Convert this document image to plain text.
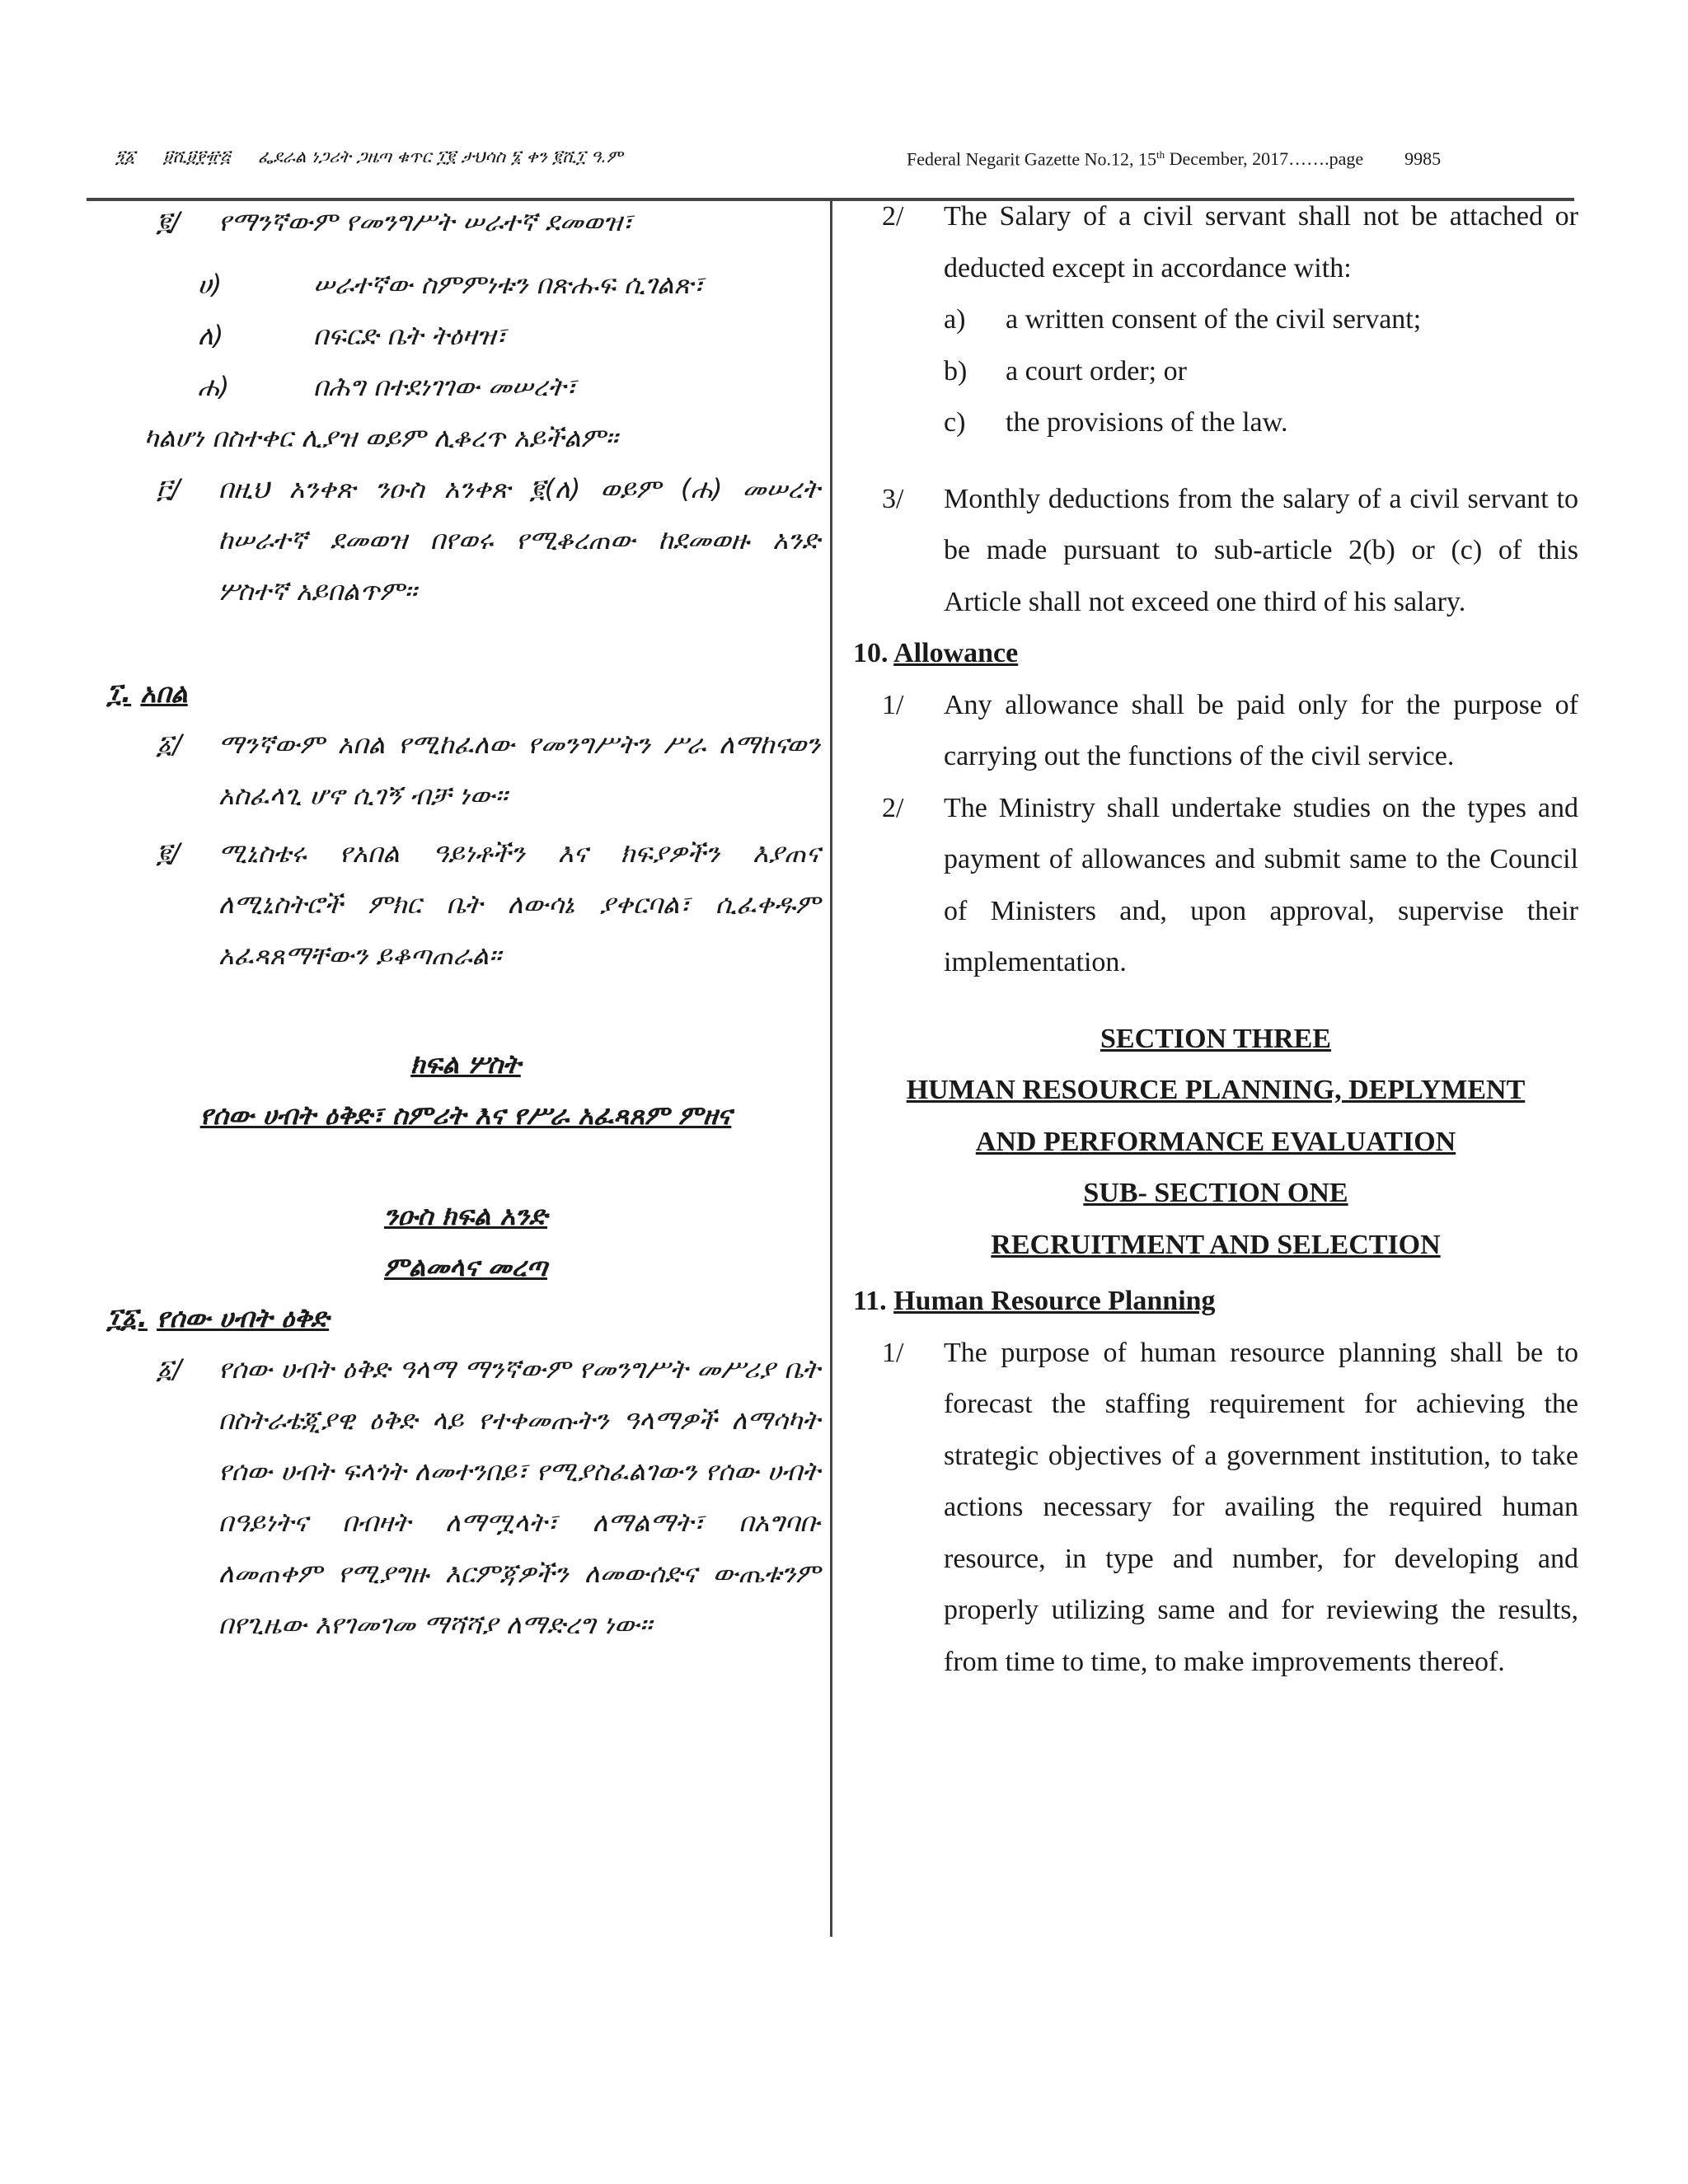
፺፩ ፱ሺ፱፻፹፭ ፌደራል ነጋሪት ጋዜጣ ቁጥር ፲፪ ታህሳስ ፮ ቀን ፪ሺ፲ ዓ.ም	Federal Negarit Gazette No.12, 15th December, 2017…….page 9985
፪/	የማንኛውም የመንግሥት ሠራተኛ ደመወዝ፣
ሀ)	ሠራተኛው ስምምነቱን በጽሑፍ ሲገልጽ፣
ለ)	በፍርድ ቤት ትዕዛዝ፣
ሐ)	በሕግ በተደነገገው መሠረት፣
ካልሆነ በስተቀር ሊያዝ ወይም ሊቆረጥ አይችልም፡፡
፫/ በዚህ አንቀጽ ንዑስ አንቀጽ ፪(ለ) ወይም (ሐ) መሠረት ከሠራተኛ ደመወዝ በየወሩ የሚቆረጠው ከደመወዙ አንድ ሦስተኛ አይበልጥም፡፡
፲. አበል
፩/ ማንኛውም አበል የሚከፈለው የመንግሥትን ሥራ ለማከናወን አስፈላጊ ሆኖ ሲገኝ ብቻ ነው፡፡
፪/ ሚኒስቴሩ የአበል ዓይነቶችን እና ክፍያዎችን እያጠና ለሚኒስትሮች ምክር ቤት ለውሳኔ ያቀርባል፣ ሲፈቀዱም አፈጻጸማቸውን ይቆጣጠራል፡፡
ክፍል ሦስት
የሰው ሀብት ዕቅድ፣ ስምሪት እና የሥራ አፈጻጸም ምዘና
ንዑስ ክፍል አንድ
ምልመላና መረጣ
፲፩. የሰው ሀብት ዕቅድ
፩/ የሰው ሀብት ዕቅድ ዓላማ ማንኛውም የመንግሥት መሥሪያ ቤት በስትራቴጂያዊ ዕቅድ ላይ የተቀመጡትን ዓላማዎች ለማሳካት የሰው ሀብት ፍላጎት ለመተንበይ፣ የሚያስፈልገውን የሰው ሀብት በዓይነትና በብዛት ለማሟላት፣ ለማልማት፣ በአግባቡ ለመጠቀም የሚያግዙ እርምጃዎችን ለመውሰድና ውጤቱንም በየጊዜው እየገመገመ ማሻሻያ ለማድረግ ነው፡፡
2/ The Salary of a civil servant shall not be attached or deducted except in accordance with:
a) a written consent of the civil servant;
b) a court order; or
c) the provisions of the law.
3/ Monthly deductions from the salary of a civil servant to be made pursuant to sub-article 2(b) or (c) of this Article shall not exceed one third of his salary.
10. Allowance
1/ Any allowance shall be paid only for the purpose of carrying out the functions of the civil service.
2/ The Ministry shall undertake studies on the types and payment of allowances and submit same to the Council of Ministers and, upon approval, supervise their implementation.
SECTION THREE
HUMAN RESOURCE PLANNING, DEPLYMENT
AND PERFORMANCE EVALUATION
SUB- SECTION ONE
RECRUITMENT AND SELECTION
11. Human Resource Planning
1/ The purpose of human resource planning shall be to forecast the staffing requirement for achieving the strategic objectives of a government institution, to take actions necessary for availing the required human resource, in type and number, for developing and properly utilizing same and for reviewing the results, from time to time, to make improvements thereof.
